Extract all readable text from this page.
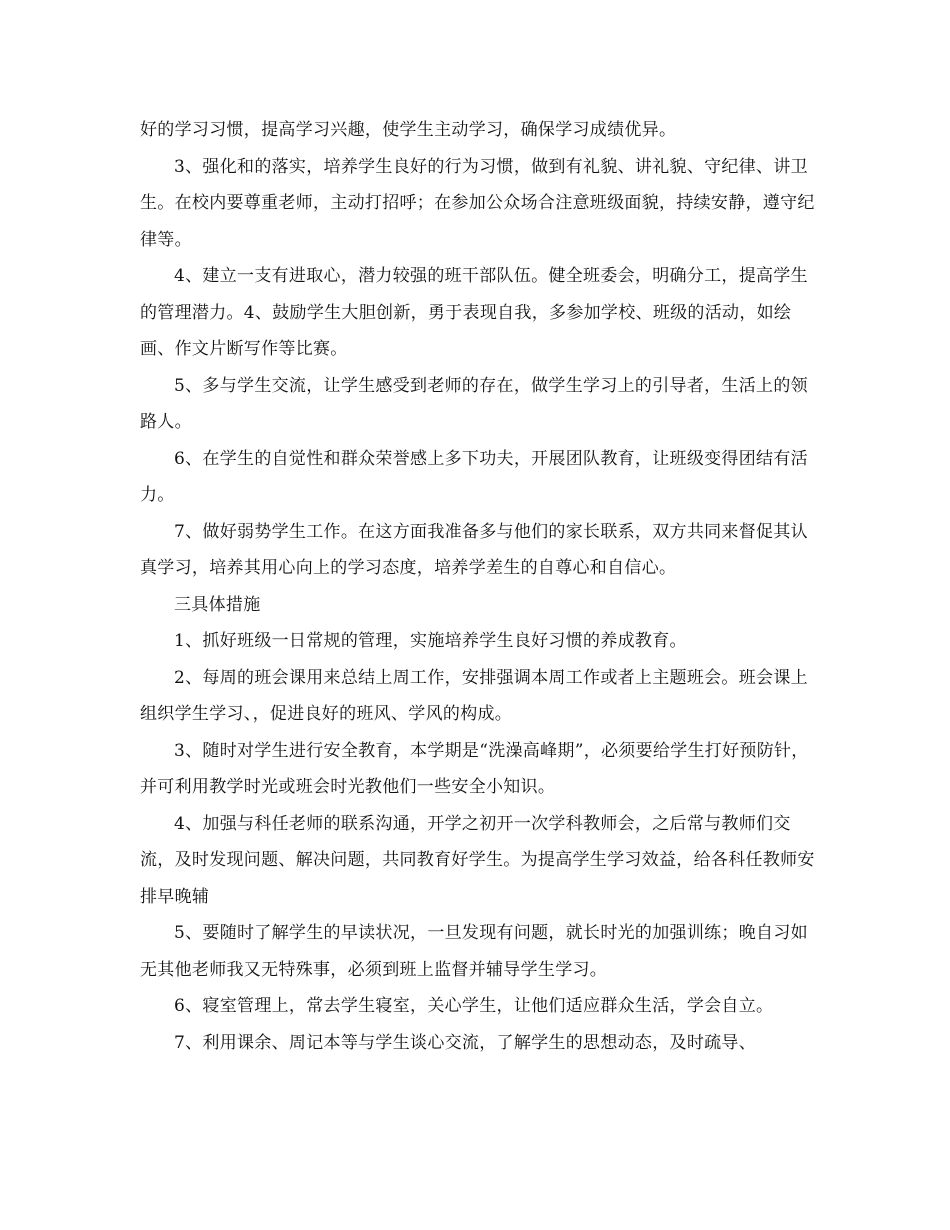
好的学习习惯，提高学习兴趣，使学生主动学习，确保学习成绩优异。

3、强化和的落实，培养学生良好的行为习惯，做到有礼貌、讲礼貌、守纪律、讲卫生。在校内要尊重老师，主动打招呼；在参加公众场合注意班级面貌，持续安静，遵守纪律等。

4、建立一支有进取心，潜力较强的班干部队伍。健全班委会，明确分工，提高学生的管理潜力。4、鼓励学生大胆创新，勇于表现自我，多参加学校、班级的活动，如绘画、作文片断写作等比赛。

5、多与学生交流，让学生感受到老师的存在，做学生学习上的引导者，生活上的领路人。

6、在学生的自觉性和群众荣誉感上多下功夫，开展团队教育，让班级变得团结有活力。

7、做好弱势学生工作。在这方面我准备多与他们的家长联系，双方共同来督促其认真学习，培养其用心向上的学习态度，培养学差生的自尊心和自信心。

三具体措施

1、抓好班级一日常规的管理，实施培养学生良好习惯的养成教育。

2、每周的班会课用来总结上周工作，安排强调本周工作或者上主题班会。班会课上组织学生学习、，促进良好的班风、学风的构成。

3、随时对学生进行安全教育，本学期是“洗澡高峰期”，必须要给学生打好预防针，并可利用教学时光或班会时光教他们一些安全小知识。

4、加强与科任老师的联系沟通，开学之初开一次学科教师会，之后常与教师们交流，及时发现问题、解决问题，共同教育好学生。为提高学生学习效益，给各科任教师安排早晚辅

5、要随时了解学生的早读状况，一旦发现有问题，就长时光的加强训练；晚自习如无其他老师我又无特殊事，必须到班上监督并辅导学生学习。

6、寝室管理上，常去学生寝室，关心学生，让他们适应群众生活，学会自立。

7、利用课余、周记本等与学生谈心交流，了解学生的思想动态，及时疏导、
